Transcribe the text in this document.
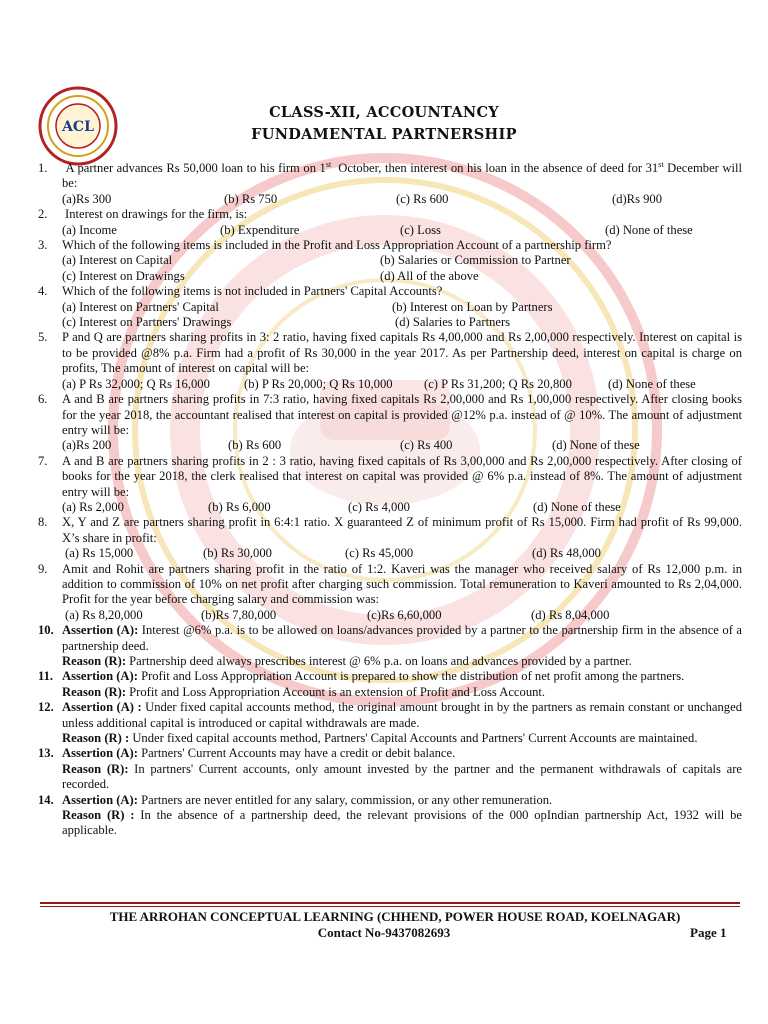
ACL
CLASS-XII, ACCOUNTANCY
FUNDAMENTAL PARTNERSHIP
1. A partner advances Rs 50,000 loan to his firm on 1st  October, then interest on his loan in the absence of deed for 31st December will be:
(a)Rs 300	(b) Rs 750	(c) Rs 600	(d)Rs 900
2. Interest on drawings for the firm, is:
(a) Income	(b) Expenditure	(c) Loss	(d) None of these
3. Which of the following items is included in the Profit and Loss Appropriation Account of a partnership firm?
(a) Interest on Capital	(b) Salaries or Commission to Partner
(c) Interest on Drawings	(d) All of the above
4. Which of the following items is not included in Partners' Capital Accounts?
(a) Interest on Partners' Capital	(b) Interest on Loan by Partners
(c) Interest on Partners' Drawings	(d) Salaries to Partners
5. P and Q are partners sharing profits in 3: 2 ratio, having fixed capitals Rs 4,00,000 and Rs 2,00,000 respectively. Interest on capital is to be provided @8% p.a. Firm had a profit of Rs 30,000 in the year 2017. As per Partnership deed, interest on capital is charge on profits, The amount of interest on capital will be:
(a) P Rs 32,000; Q Rs 16,000	(b) P Rs 20,000; Q Rs 10,000	(c) P Rs 31,200; Q Rs 20,800	(d) None of these
6. A and B are partners sharing profits in 7:3 ratio, having fixed capitals Rs 2,00,000 and Rs 1,00,000 respectively. After closing books for the year 2018, the accountant realised that interest on capital is provided @12% p.a. instead of @ 10%. The amount of adjustment entry will be:
(a)Rs 200	(b) Rs 600	(c) Rs 400	(d) None of these
7. A and B are partners sharing profits in 2 : 3 ratio, having fixed capitals of Rs 3,00,000 and Rs 2,00,000 respectively. After closing of books for the year 2018, the clerk realised that interest on capital was provided @ 6% p.a. instead of 8%. The amount of adjustment entry will be:
(a) Rs 2,000	(b) Rs 6,000	(c) Rs 4,000	(d) None of these
8. X, Y and Z are partners sharing profit in 6:4:1 ratio. X guaranteed Z of minimum profit of Rs 15,000. Firm had profit of Rs 99,000. X’s share in profit:
(a) Rs 15,000	(b) Rs 30,000	(c) Rs 45,000	(d) Rs 48,000
9. Amit and Rohit are partners sharing profit in the ratio of 1:2. Kaveri was the manager who received salary of Rs 12,000 p.m. in addition to commission of 10% on net profit after charging such commission. Total remuneration to Kaveri amounted to Rs 2,04,000. Profit for the year before charging salary and commission was:
(a) Rs 8,20,000	(b)Rs 7,80,000	(c)Rs 6,60,000	(d) Rs 8,04,000
10. Assertion (A): Interest @6% p.a. is to be allowed on loans/advances provided by a partner to the partnership firm in the absence of a partnership deed.
Reason (R): Partnership deed always prescribes interest @ 6% p.a. on loans and advances provided by a partner.
11. Assertion (A): Profit and Loss Appropriation Account is prepared to show the distribution of net profit among the partners.
Reason (R): Profit and Loss Appropriation Account is an extension of Profit and Loss Account.
12. Assertion (A) : Under fixed capital accounts method, the original amount brought in by the partners as remain constant or unchanged unless additional capital is introduced or capital withdrawals are made.
Reason (R) : Under fixed capital accounts method, Partners' Capital Accounts and Partners' Current Accounts are maintained.
13. Assertion (A): Partners' Current Accounts may have a credit or debit balance.
Reason (R): In partners' Current accounts, only amount invested by the partner and the permanent withdrawals of capitals are recorded.
14. Assertion (A): Partners are never entitled for any salary, commission, or any other remuneration.
Reason (R) : In the absence of a partnership deed, the relevant provisions of the 000 opIndian partnership Act, 1932 will be applicable.
THE ARROHAN CONCEPTUAL LEARNING (CHHEND, POWER HOUSE ROAD, KOELNAGAR)
Contact No-9437082693	Page 1
